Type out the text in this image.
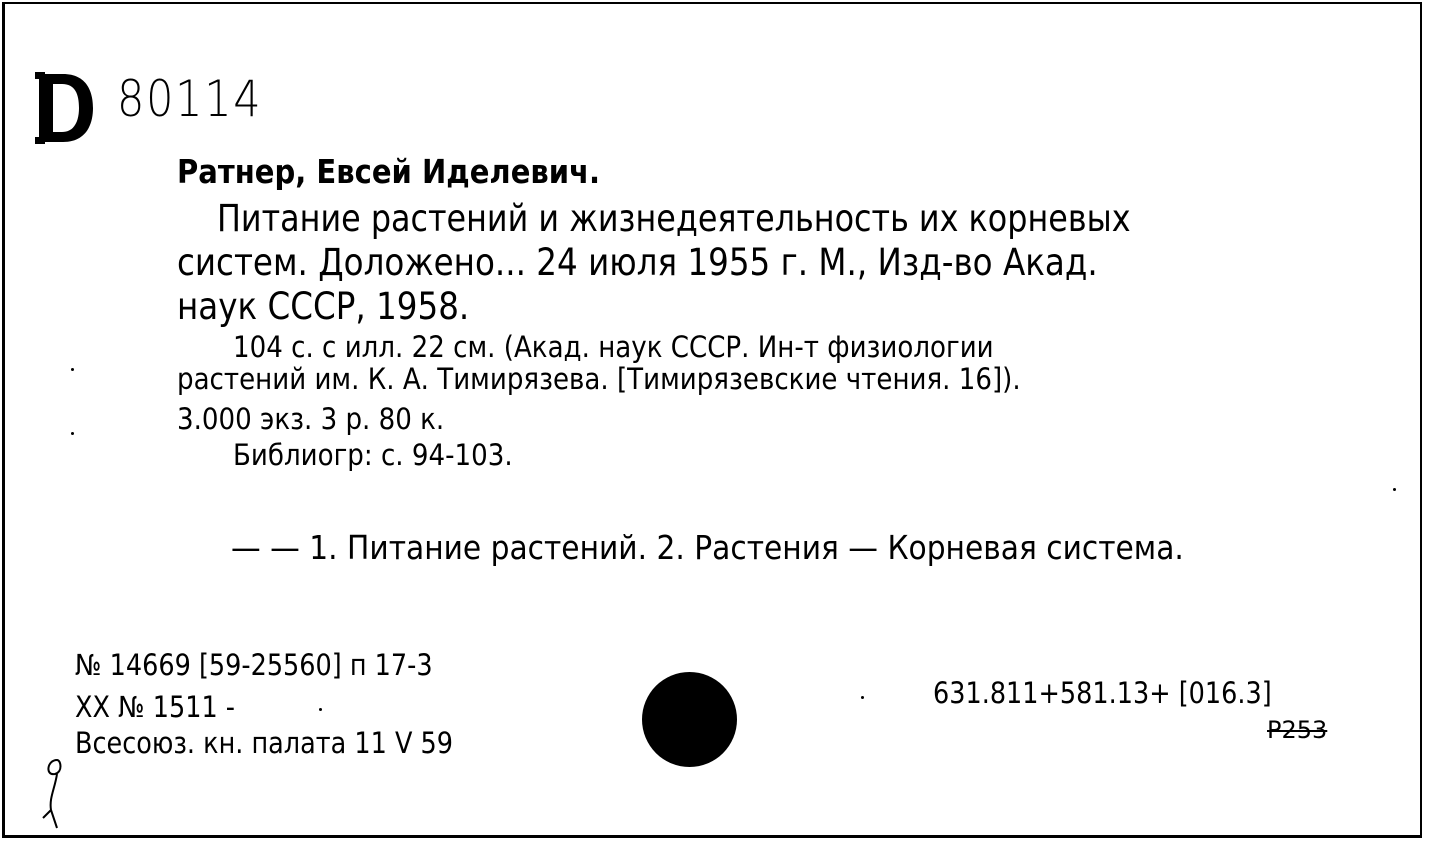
80114
Ратнер, Евсей Иделевич.
Питание растений и жизнедеятельность их корневых
систем. Доложено... 24 июля 1955 г. М., Изд-во Акад.
наук СССР, 1958.
104 с. с илл. 22 см. (Акад. наук СССР. Ин-т физиологии
растений им. К. А. Тимирязева. [Тимирязевские чтения. 16]).
3.000 экз. 3 р. 80 к.
Библиогр: с. 94-103.
— — 1. Питание растений. 2. Растения — Корневая система.
№ 14669 [59-25560] п 17-3
XX № 1511 -
Всесоюз. кн. палата 11 V 59
631.811+581.13+ [016.3]
Р253
